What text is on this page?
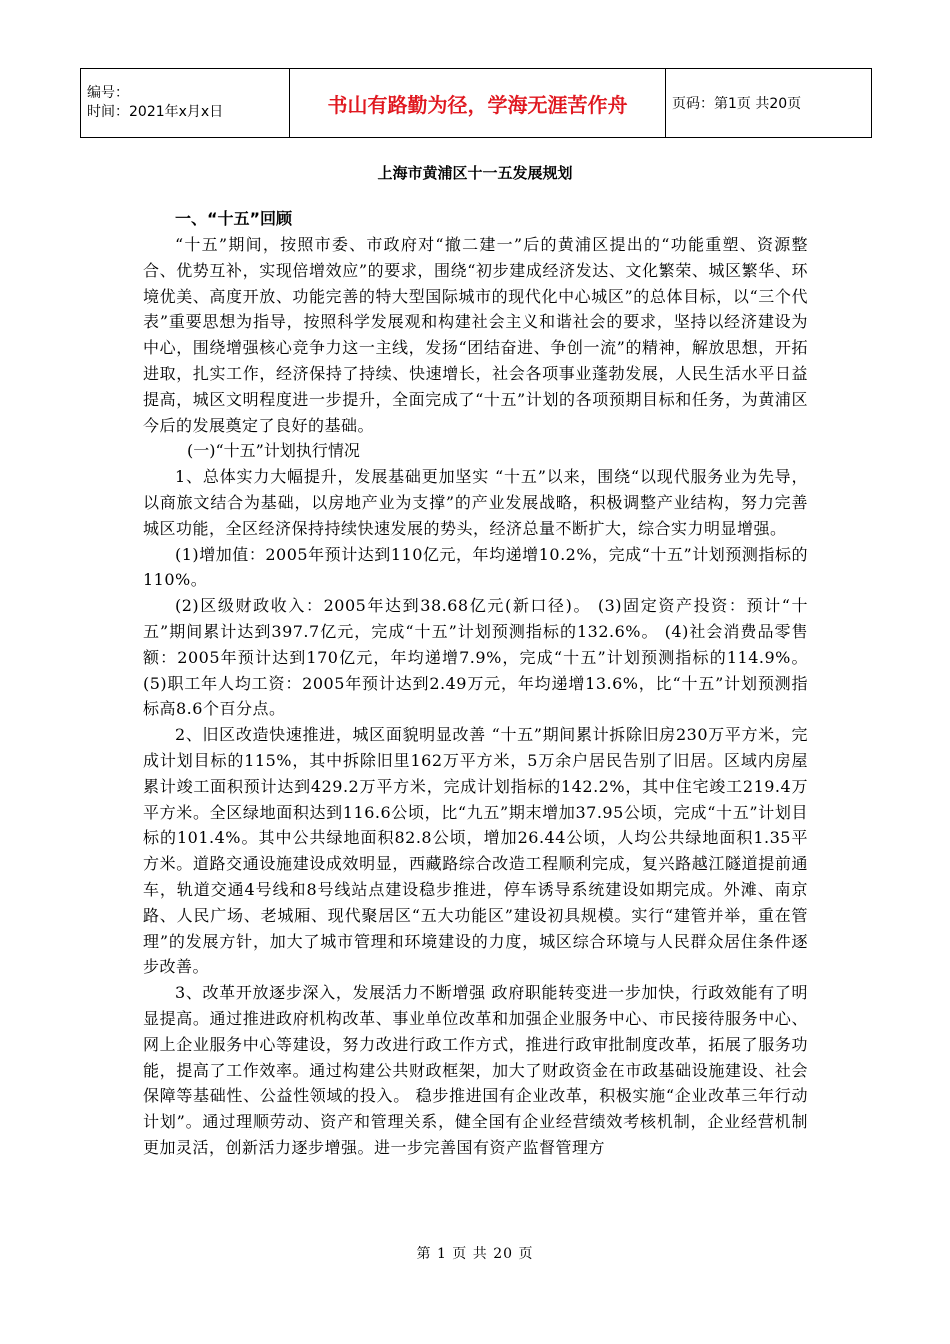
编号：
时间：2021年x月x日	书山有路勤为径，学海无涯苦作舟	页码：第1页 共20页
上海市黄浦区十一五发展规划

一、“十五”回顾

“十五”期间，按照市委、市政府对“撤二建一”后的黄浦区提出的“功能重塑、资源整合、优势互补，实现倍增效应”的要求，围绕“初步建成经济发达、文化繁荣、城区繁华、环境优美、高度开放、功能完善的特大型国际城市的现代化中心城区”的总体目标，以“三个代表”重要思想为指导，按照科学发展观和构建社会主义和谐社会的要求，坚持以经济建设为中心，围绕增强核心竞争力这一主线，发扬“团结奋进、争创一流”的精神，解放思想，开拓进取，扎实工作，经济保持了持续、快速增长，社会各项事业蓬勃发展，人民生活水平日益提高，城区文明程度进一步提升，全面完成了“十五”计划的各项预期目标和任务，为黄浦区今后的发展奠定了良好的基础。

(一)“十五”计划执行情况

1、总体实力大幅提升，发展基础更加坚实 “十五”以来，围绕“以现代服务业为先导，以商旅文结合为基础，以房地产业为支撑”的产业发展战略，积极调整产业结构，努力完善城区功能，全区经济保持持续快速发展的势头，经济总量不断扩大，综合实力明显增强。

(1)增加值：2005年预计达到110亿元，年均递增10.2%，完成“十五”计划预测指标的110%。

(2)区级财政收入：2005年达到38.68亿元(新口径)。 (3)固定资产投资：预计“十五”期间累计达到397.7亿元，完成“十五”计划预测指标的132.6%。 (4)社会消费品零售额：2005年预计达到170亿元，年均递增7.9%，完成“十五”计划预测指标的114.9%。 (5)职工年人均工资：2005年预计达到2.49万元，年均递增13.6%，比“十五”计划预测指标高8.6个百分点。

2、旧区改造快速推进，城区面貌明显改善 “十五”期间累计拆除旧房230万平方米，完成计划目标的115%，其中拆除旧里162万平方米，5万余户居民告别了旧居。区域内房屋累计竣工面积预计达到429.2万平方米，完成计划指标的142.2%，其中住宅竣工219.4万平方米。全区绿地面积达到116.6公顷，比“九五”期末增加37.95公顷，完成“十五”计划目标的101.4%。其中公共绿地面积82.8公顷，增加26.44公顷，人均公共绿地面积1.35平方米。道路交通设施建设成效明显，西藏路综合改造工程顺利完成，复兴路越江隧道提前通车，轨道交通4号线和8号线站点建设稳步推进，停车诱导系统建设如期完成。外滩、南京路、人民广场、老城厢、现代聚居区“五大功能区”建设初具规模。实行“建管并举，重在管理”的发展方针，加大了城市管理和环境建设的力度，城区综合环境与人民群众居住条件逐步改善。

3、改革开放逐步深入，发展活力不断增强 政府职能转变进一步加快，行政效能有了明显提高。通过推进政府机构改革、事业单位改革和加强企业服务中心、市民接待服务中心、网上企业服务中心等建设，努力改进行政工作方式，推进行政审批制度改革，拓展了服务功能，提高了工作效率。通过构建公共财政框架，加大了财政资金在市政基础设施建设、社会保障等基础性、公益性领域的投入。 稳步推进国有企业改革，积极实施“企业改革三年行动计划”。通过理顺劳动、资产和管理关系，健全国有企业经营绩效考核机制，企业经营机制更加灵活，创新活力逐步增强。进一步完善国有资产监督管理方

第 1 页 共 20 页
